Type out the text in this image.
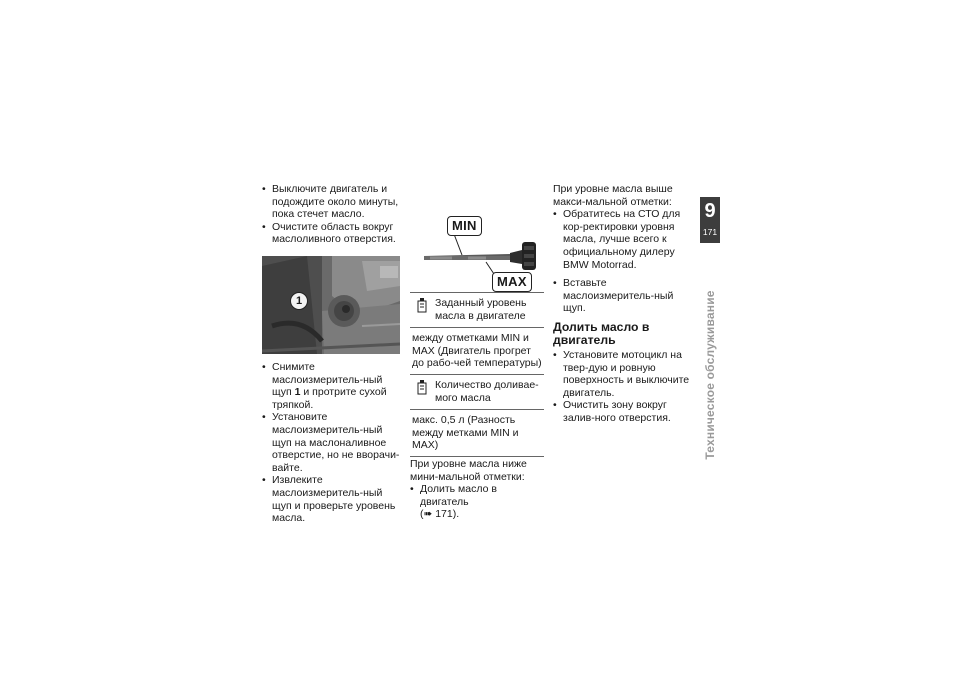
• Выключите двигатель и подождите около минуты, пока стечет масло.
• Очистите область вокруг маслоливного отверстия.
1
• Снимите маслоизмеритель-ный щуп 1 и протрите сухой тряпкой.
• Установите маслоизмеритель-ный щуп на маслоналивное отверстие, но не вворачи-вайте.
• Извлеките маслоизмеритель-ный щуп и проверьте уровень масла.
MIN
MAX
Заданный уровень масла в двигателе
между отметками MIN и MAX (Двигатель прогрет до рабо-чей температуры)
Количество доливае-мого масла
макс. 0,5 л (Разность между метками MIN и MAX)

При уровне масла ниже мини-мальной отметки:

• Долить масло в двигатель
(➠ 171).

При уровне масла выше макси-мальной отметки:

• Обратитесь на СТО для кор-ректировки уровня масла, лучше всего к официальному дилеру BMW Motorrad.
• Вставьте маслоизмеритель-ный щуп.
Долить масло в двигатель
• Установите мотоцикл на твер-дую и ровную поверхность и выключите двигатель.
• Очистить зону вокруг залив-ного отверстия.
9
171
Техническое обслуживание
